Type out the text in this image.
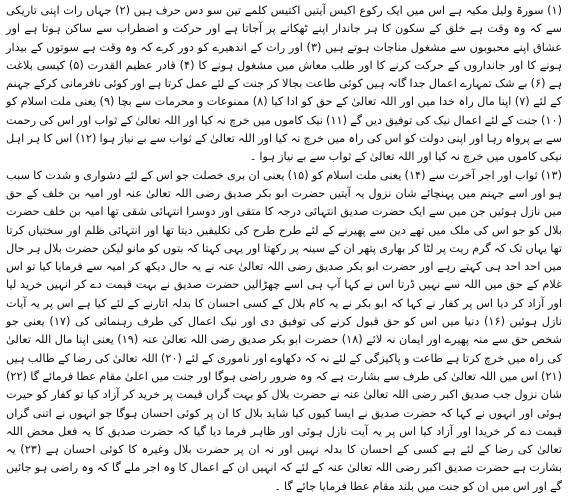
(۱) سورۃ ولیل مکیہ ہے اس میں ایک رکوع اکیس آیتیں اکتیس کلمے تین سو دس حرف ہیں (۲) جہاں رات اپنی تاریکی سے کہ وہ وقت ہے خلق کے سکون کا ہر جاندار اپنے ٹھکانے پر آجاتا ہے اور حرکت و اضطراب سے ساکن ہوتا ہے اور عشاق اپنے محبوبوں سے مشغول مناجات ہوتے ہیں (۳) اور رات کے اندھیرے کو دور کرے کہ وہ وقت ہے سوتوں کے بیدار ہونے کا اور جانداروں کے حرکت کرنے کا اور طلب معاش میں مشغول ہونے کا (۴) قادر عظیم القدرت (۵) کیسی بلاغت ہے (۶) بے شک تمہارے اعمال جدا گانہ ہیں کوئی طاعت بجالا کر جنت کے لئے عمل کرتا ہے اور کوئی نافرمانی کرکے جہنم کے لئے (۷) اپنا مال راہ خدا میں اور اللہ تعالیٰ کے حق کو ادا کیا (۸) ممنوعات و محرمات سے بچا (۹) یعنی ملت اسلام کو (۱۰) جنت کے لئے اعمال نیک کی توفیق دیں گے (۱۱) نیک کاموں میں خرچ نہ کیا اور اللہ تعالیٰ کے ثواب اور اس کی رحمت سے بے پرواہ رہا اور اپنی دولت کو اس کی راہ میں خرچ نہ کیا اور اللہ تعالیٰ کے ثواب سے بے نیاز ہوا (۱۲) اس کا ہر اہل نیکی کاموں میں خرچ نہ کیا اور اللہ تعالیٰ کے ثواب سے بے نیاز ہوا ۔

(۱۳) ثواب اور اجر آخرت سے (۱۴) یعنی ملت اسلام کو (۱۵) یعنی ان بری خصلت جو اس کے لئے دشواری و شدت کا سبب ہو اور اسے جہنم میں پہنچائے شان نزول یہ آیتیں حضرت ابو بکر صدیق رضی اللہ تعالیٰ عنہ اور امیہ بن خلف کے حق میں نازل ہوئیں جن میں سے ایک حضرت صدیق انتہائی درجہ کا متقی اور دوسرا انتہائی شقی تھا امیہ بن خلف حضرت بلال کو جو اس کی ملک میں تھے دین سے پھیرنے کے لئے طرح طرح کی تکلیفیں دیتا تھا اور انتہائی ظلم اور سختیاں کرتا تھا یہاں تک کہ گرم ریت پر لٹا کر بھاری پتھر ان کے سینہ پر رکھتا اور یہی کہتا کہ بتوں کو مانو لیکن حضرت بلال ہر حال میں احد احد ہی کہتے رہے اور حضرت ابو بکر صدیق رضی اللہ تعالیٰ عنہ نے یہ حال دیکھ کر امیہ سے فرمایا کیا تو اس غلام کے حق میں اللہ سے نہیں ڈرتا اس نے کہا آپ ہی اسے چھڑالیں حضرت صدیق نے بہت قیمت دے کر انہیں خرید لیا اور آزاد کر دیا اس پر کفار نے کہا کہ ابو بکر نے یہ کام بلال کے کسی احسان کا بدلہ اتارنے کے لئے کیا ہے اس پر یہ آیات نازل ہوئیں (۱۶) دنیا میں اس کو حق قبول کرنے کی توفیق دی اور نیک اعمال کی طرف رہنمائی کی (۱۷) یعنی جو شخص حق سے منہ پھیرے اور ایمان نہ لائے (۱۸) حضرت ابو بکر صدیق رضی اللہ تعالیٰ عنہ (۱۹) یعنی اپنا مال اللہ تعالیٰ کی راہ میں خرچ کرتا ہے طاعت و پاکیزگی کے لئے نہ کہ دکھاوے اور ناموری کے لئے (۲۰) اللہ تعالیٰ کی رضا کے طالب ہیں (۲۱) اس میں اللہ تعالیٰ کی طرف سے بشارت ہے کہ وہ ضرور راضی ہوگا اور جنت میں اعلیٰ مقام عطا فرمائے گا (۲۲) شان نزول جب صدیق اکبر رضی اللہ تعالیٰ عنہ نے حضرت بلال کو بہت گراں قیمت پر خرید کر آزاد کیا تو کفار کو حیرت ہوئی اور انہوں نے کہا کہ حضرت صدیق نے ایسا کیوں کیا شاید بلال کا ان پر کوئی احسان ہوگا جو انہوں نے اتنی گراں قیمت دے کر خریدا اور آزاد کیا اس پر یہ آیت نازل ہوئی اور ظاہر فرما دیا گیا کہ حضرت صدیق کا یہ فعل محض اللہ تعالیٰ کی رضا کے لئے ہے کسی کے احسان کا بدلہ نہیں اور نہ ان پر حضرت بلال وغیرہ کا کوئی احسان ہے (۲۳) یہ بشارت ہے حضرت صدیق اکبر رضی اللہ تعالیٰ عنہ کے لئے کہ انہیں ان کے اعمال کا وہ اجر ملے گا کہ وہ راضی ہو جائیں گے اور اس میں ان کو جنت میں بلند مقام عطا فرمایا جائے گا ۔
